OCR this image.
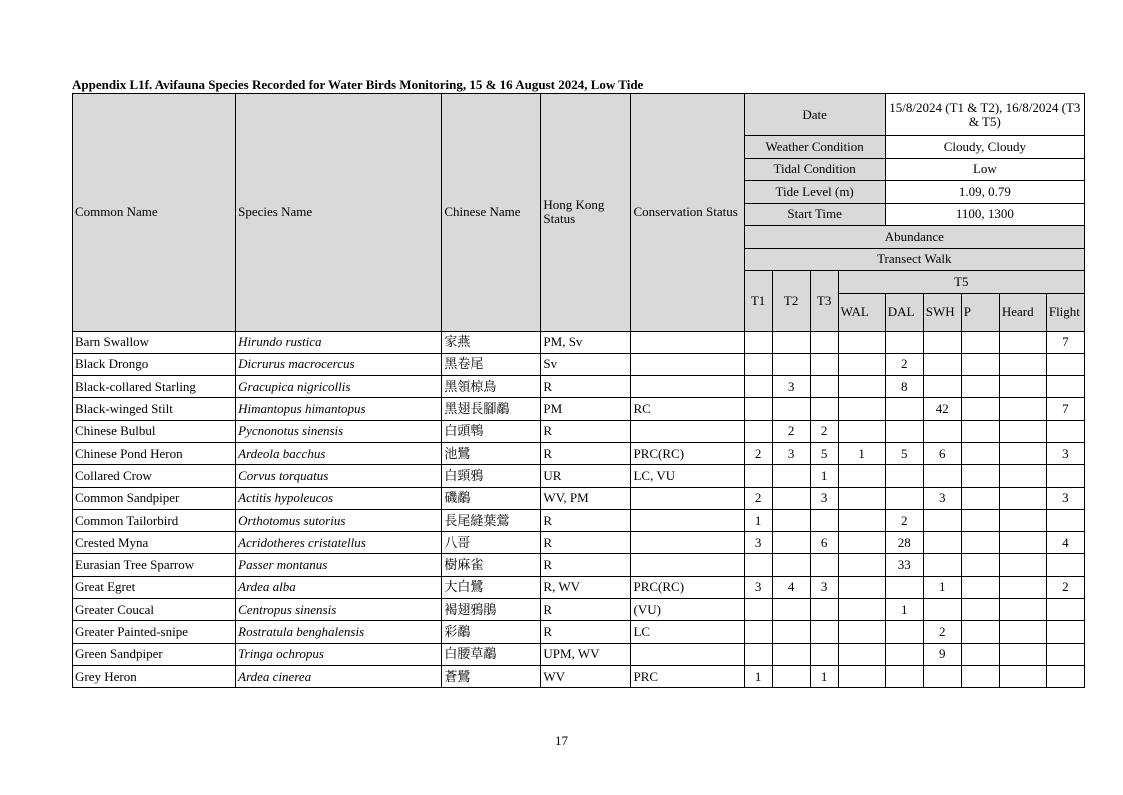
Appendix L1f. Avifauna Species Recorded for Water Birds Monitoring, 15 & 16 August 2024, Low Tide
Common Name	Species Name	Chinese Name	Hong Kong Status	Conservation Status	Date				15/8/2024 (T1 & T2), 16/8/2024 (T3 & T5)				
					Weather Condition				Cloudy, Cloudy				
					Tidal Condition				Low				
					Tide Level (m)				1.09, 0.79				
					Start Time				1100, 1300				
					Abundance								
					Transect Walk								
					T1	T2	T3	T5					
								WAL	DAL	SWH	P	Heard	Flight
Barn Swallow	Hirundo rustica	家燕	PM, Sv										7
Black Drongo	Dicrurus macrocercus	黑卷尾	Sv						2				
Black-collared Starling	Gracupica nigricollis	黑領椋鳥	R			3			8				
Black-winged Stilt	Himantopus himantopus	黑翅長腳鷸	PM	RC						42			7
Chinese Bulbul	Pycnonotus sinensis	白頭鵯	R			2	2						
Chinese Pond Heron	Ardeola bacchus	池鷺	R	PRC(RC)	2	3	5	1	5	6			3
Collared Crow	Corvus torquatus	白頸鴉	UR	LC, VU			1						
Common Sandpiper	Actitis hypoleucos	磯鷸	WV, PM		2		3			3			3
Common Tailorbird	Orthotomus sutorius	長尾縫葉鶯	R		1				2				
Crested Myna	Acridotheres cristatellus	八哥	R		3		6		28				4
Eurasian Tree Sparrow	Passer montanus	樹麻雀	R						33				
Great Egret	Ardea alba	大白鷺	R, WV	PRC(RC)	3	4	3			1			2
Greater Coucal	Centropus sinensis	褐翅鴉鵑	R	(VU)					1				
Greater Painted-snipe	Rostratula benghalensis	彩鷸	R	LC						2			
Green Sandpiper	Tringa ochropus	白腰草鷸	UPM, WV							9			
Grey Heron	Ardea cinerea	蒼鷺	WV	PRC	1		1						
17
